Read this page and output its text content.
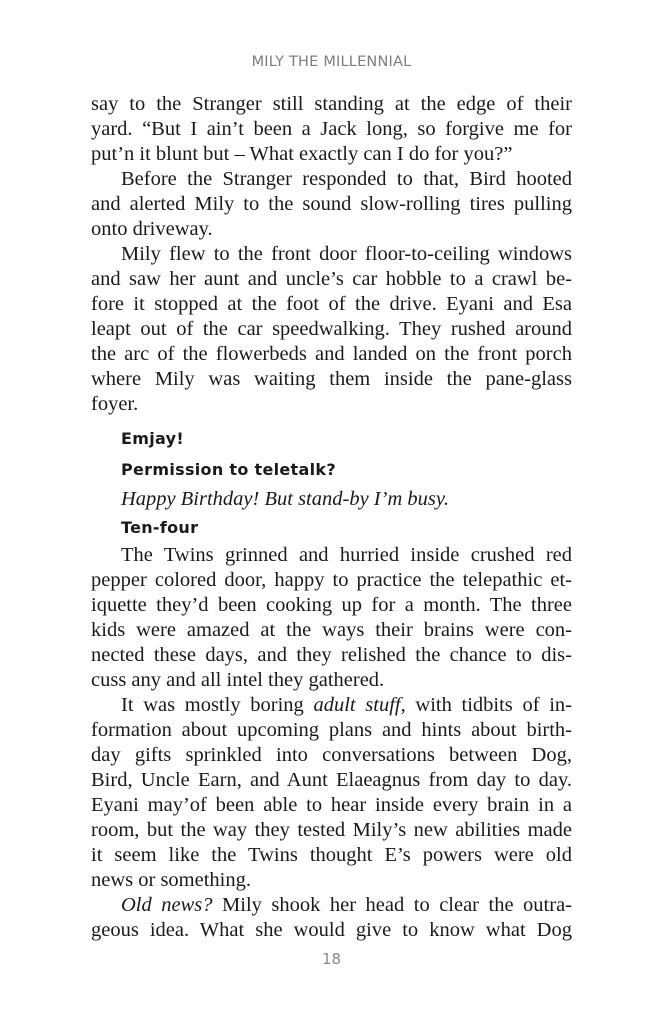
MILY THE MILLENNIAL
say to the Stranger still standing at the edge of their
yard. “But I ain’t been a Jack long, so forgive me for
put’n it blunt but – What exactly can I do for you?”
Before the Stranger responded to that, Bird hooted
and alerted Mily to the sound slow-rolling tires pulling
onto driveway.
Mily flew to the front door floor-to-ceiling windows
and saw her aunt and uncle’s car hobble to a crawl be-
fore it stopped at the foot of the drive. Eyani and Esa
leapt out of the car speedwalking. They rushed around
the arc of the flowerbeds and landed on the front porch
where Mily was waiting them inside the pane-glass
foyer.
Emjay!
Permission to teletalk?
Happy Birthday! But stand-by I’m busy.
Ten-four
The Twins grinned and hurried inside crushed red
pepper colored door, happy to practice the telepathic et-
iquette they’d been cooking up for a month. The three
kids were amazed at the ways their brains were con-
nected these days, and they relished the chance to dis-
cuss any and all intel they gathered.
It was mostly boring adult stuff, with tidbits of in-
formation about upcoming plans and hints about birth-
day gifts sprinkled into conversations between Dog,
Bird, Uncle Earn, and Aunt Elaeagnus from day to day.
Eyani may’of been able to hear inside every brain in a
room, but the way they tested Mily’s new abilities made
it seem like the Twins thought E’s powers were old
news or something.
Old news? Mily shook her head to clear the outra-
geous idea. What she would give to know what Dog
18
